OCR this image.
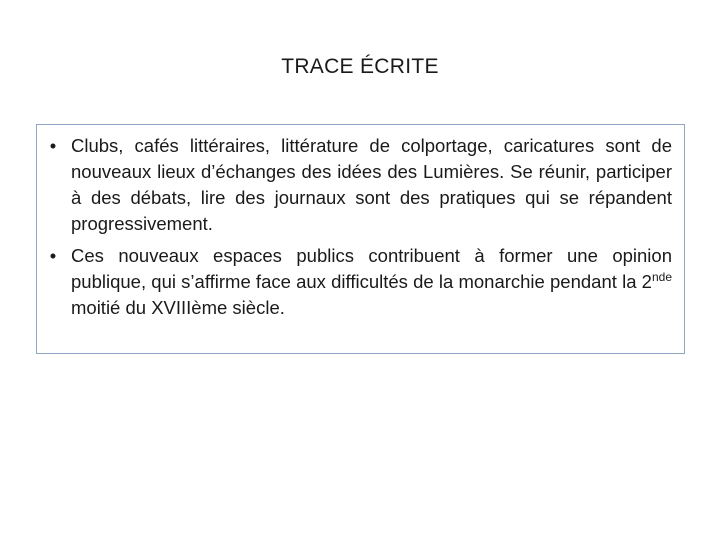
TRACE ÉCRITE
• Clubs, cafés littéraires, littérature de colportage, caricatures sont de nouveaux lieux d’échanges des idées des Lumières. Se réunir, participer à des débats, lire des journaux sont des pratiques qui se répandent progressivement.
• Ces nouveaux espaces publics contribuent à former une opinion publique, qui s’affirme face aux difficultés de la monarchie pendant la 2nde moitié du XVIIIème siècle.
